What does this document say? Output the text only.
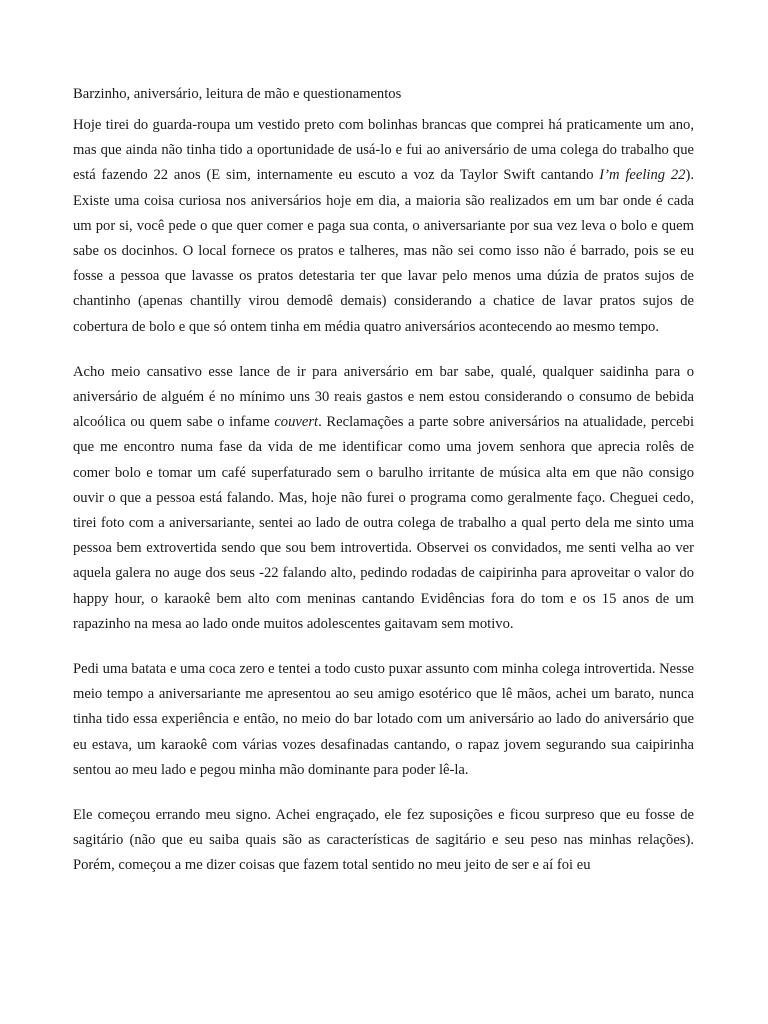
Barzinho, aniversário, leitura de mão e questionamentos

Hoje tirei do guarda-roupa um vestido preto com bolinhas brancas que comprei há praticamente um ano, mas que ainda não tinha tido a oportunidade de usá-lo e fui ao aniversário de uma colega do trabalho que está fazendo 22 anos (E sim, internamente eu escuto a voz da Taylor Swift cantando I’m feeling 22). Existe uma coisa curiosa nos aniversários hoje em dia, a maioria são realizados em um bar onde é cada um por si, você pede o que quer comer e paga sua conta, o aniversariante por sua vez leva o bolo e quem sabe os docinhos. O local fornece os pratos e talheres, mas não sei como isso não é barrado, pois se eu fosse a pessoa que lavasse os pratos detestaria ter que lavar pelo menos uma dúzia de pratos sujos de chantinho (apenas chantilly virou demodê demais) considerando a chatice de lavar pratos sujos de cobertura de bolo e que só ontem tinha em média quatro aniversários acontecendo ao mesmo tempo.

Acho meio cansativo esse lance de ir para aniversário em bar sabe, qualé, qualquer saidinha para o aniversário de alguém é no mínimo uns 30 reais gastos e nem estou considerando o consumo de bebida alcoólica ou quem sabe o infame couvert. Reclamações a parte sobre aniversários na atualidade, percebi que me encontro numa fase da vida de me identificar como uma jovem senhora que aprecia rolês de comer bolo e tomar um café superfaturado sem o barulho irritante de música alta em que não consigo ouvir o que a pessoa está falando. Mas, hoje não furei o programa como geralmente faço. Cheguei cedo, tirei foto com a aniversariante, sentei ao lado de outra colega de trabalho a qual perto dela me sinto uma pessoa bem extrovertida sendo que sou bem introvertida. Observei os convidados, me senti velha ao ver aquela galera no auge dos seus -22 falando alto, pedindo rodadas de caipirinha para aproveitar o valor do happy hour, o karaokê bem alto com meninas cantando Evidências fora do tom e os 15 anos de um rapazinho na mesa ao lado onde muitos adolescentes gaitavam sem motivo.

Pedi uma batata e uma coca zero e tentei a todo custo puxar assunto com minha colega introvertida. Nesse meio tempo a aniversariante me apresentou ao seu amigo esotérico que lê mãos, achei um barato, nunca tinha tido essa experiência e então, no meio do bar lotado com um aniversário ao lado do aniversário que eu estava, um karaokê com várias vozes desafinadas cantando, o rapaz jovem segurando sua caipirinha sentou ao meu lado e pegou minha mão dominante para poder lê-la.

Ele começou errando meu signo. Achei engraçado, ele fez suposições e ficou surpreso que eu fosse de sagitário (não que eu saiba quais são as características de sagitário e seu peso nas minhas relações). Porém, começou a me dizer coisas que fazem total sentido no meu jeito de ser e aí foi eu
